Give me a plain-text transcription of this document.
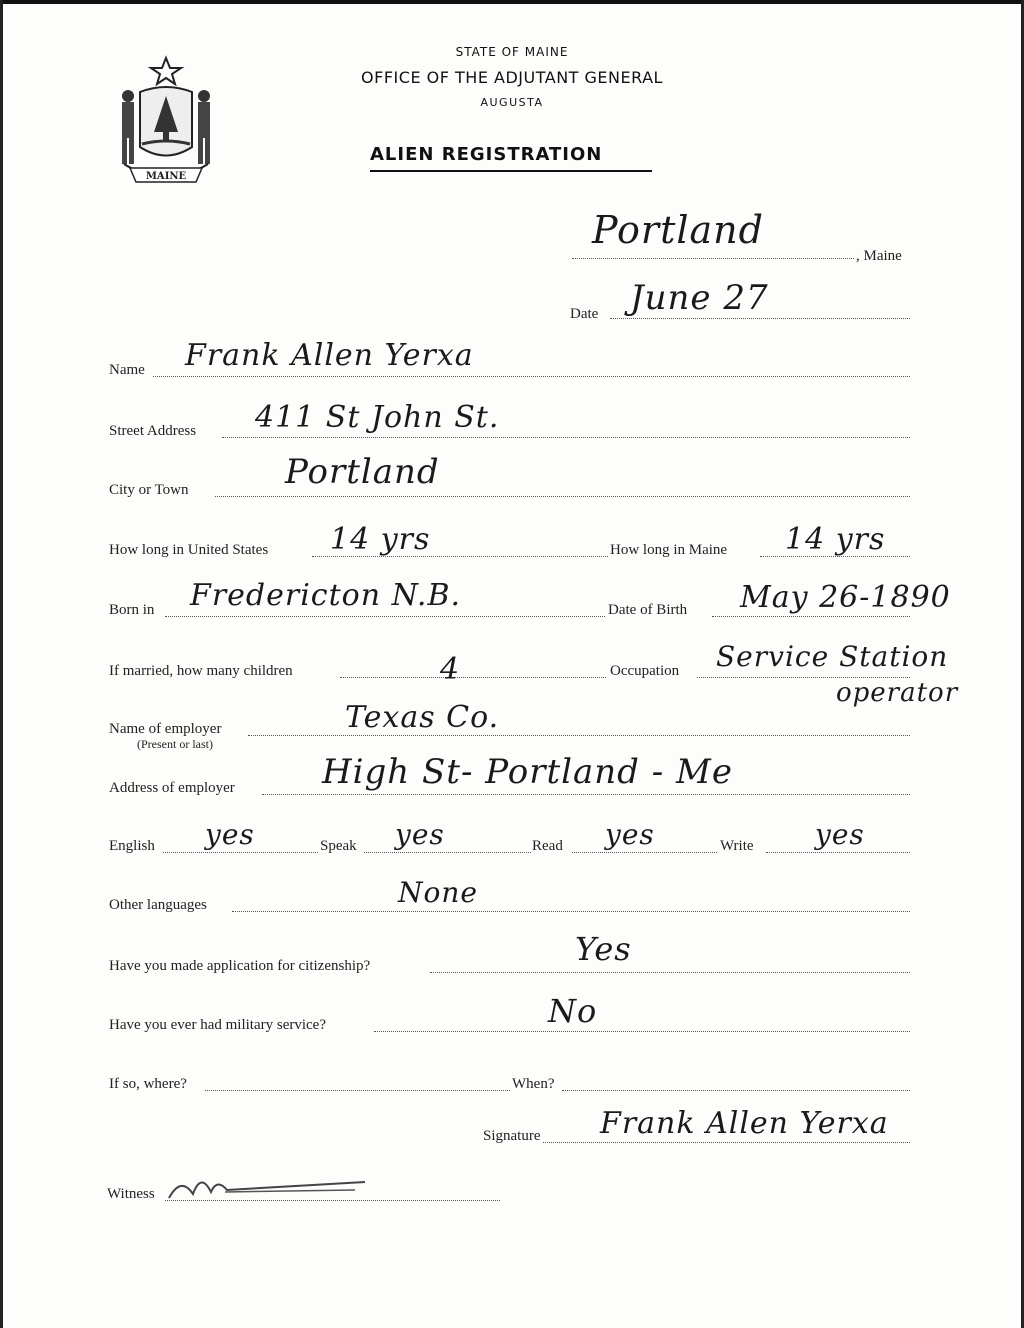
MAINE
STATE OF MAINE
OFFICE OF THE ADJUTANT GENERAL
AUGUSTA
ALIEN REGISTRATION
Portland
, Maine
Date June 27
Name Frank Allen Yerxa
Street Address 411 St John St.
City or Town	Portland
How long in United States 14 yrs	How long in Maine 14 yrs
Born in Fredericton N.B.	Date of Birth May 26-1890
If married, how many children	4	Occupation Service Station
operator
Name of employer
(Present or last)
Texas Co.
Address of employer	High St- Portland - Me
English yes	Speak yes	Read yes	Write yes
Other languages	None
Have you made application for citizenship?	Yes
Have you ever had military service?	No
If so, where?	When?
Signature Frank Allen Yerxa
Witness
